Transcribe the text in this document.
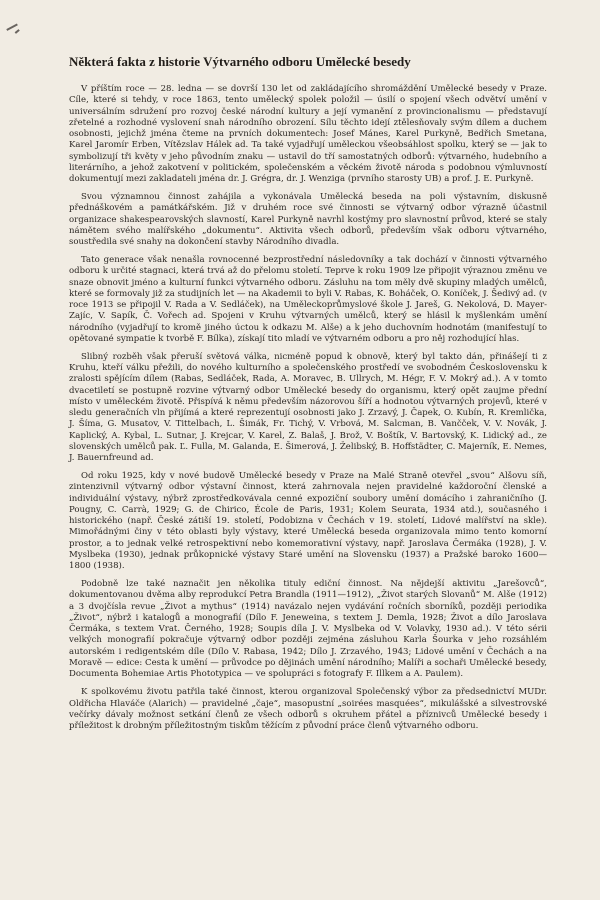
Některá fakta z historie Výtvarného odboru Umělecké besedy

V příštím roce — 28. ledna — se dovrší 130 let od zakládajícího shromáždění Umělecké besedy v Praze. Cíle, které si tehdy, v roce 1863, tento umělecký spolek položil — úsilí o spojení všech odvětví umění v universálním sdružení pro rozvoj české národní kultury a její vymanění z provincionalismu — představují zřetelné a rozhodné vyslovení snah národního obrození. Sílu těchto idejí ztělesňovaly svým dílem a duchem osobnosti, jejichž jména čteme na prvních dokumentech: Josef Mánes, Karel Purkyně, Bedřich Smetana, Karel Jaromír Erben, Vítězslav Hálek ad. Ta také vyjadřují uměleckou všeobsáhlost spolku, který se — jak to symbolizují tři květy v jeho původním znaku — ustavil do tří samostatných odborů: výtvarného, hudebního a literárního, a jehož zakotvení v politickém, společenském a věckém životě národa s podobnou výmluvností dokumentují mezi zakladateli jména dr. J. Grégra, dr. J. Wenziga (prvního starosty UB) a prof. J. E. Purkyně.

Svou významnou činnost zahájila a vykonávala Umělecká beseda na poli výstavním, diskusně přednáškovém a památkářském. Již v druhém roce své činnosti se výtvarný odbor výrazně účastnil organizace shakespearovských slavností, Karel Purkyně navrhl kostýmy pro slavnostní průvod, které se staly námětem svého malířského „dokumentu“. Aktivita všech odborů, především však odboru výtvarného, soustředila své snahy na dokončení stavby Národního divadla.

Tato generace však nenašla rovnocenné bezprostřední následovníky a tak dochází v činnosti výtvarného odboru k určité stagnaci, která trvá až do přelomu století. Teprve k roku 1909 lze připojit výraznou změnu ve snaze obnovit jméno a kulturní funkci výtvarného odboru. Zásluhu na tom měly dvě skupiny mladých umělců, které se formovaly již za studijních let — na Akademii to byli V. Rabas, K. Boháček, O. Koníček, J. Šedivý ad. (v roce 1913 se připojil V. Rada a V. Sedláček), na Uměleckoprůmyslové škole J. Jareš, G. Nekolová, D. Mayer-Zajíc, V. Sapík, Č. Vořech ad. Spojeni v Kruhu výtvarných umělců, který se hlásil k myšlenkám umění národního (vyjadřují to kromě jiného úctou k odkazu M. Alše) a k jeho duchovním hodnotám (manifestují to opětované sympatie k tvorbě F. Bílka), získají tito mladí ve výtvarném odboru a pro něj rozhodující hlas.

Slibný rozběh však přeruší světová válka, nicméně popud k obnově, který byl takto dán, přinášejí ti z Kruhu, kteří válku přežili, do nového kulturního a společenského prostředí ve svobodném Československu k zralosti spějícím dílem (Rabas, Sedláček, Rada, A. Moravec, B. Ullrych, M. Hégr, F. V. Mokrý ad.). A v tomto dvacetiletí se postupně rozvine výtvarný odbor Umělecké besedy do organismu, který opět zaujme přední místo v uměleckém životě. Přispívá k němu především názorovou šíří a hodnotou výtvarných projevů, které v sledu generačních vln přijímá a které reprezentují osobnosti jako J. Zrzavý, J. Čapek, O. Kubín, R. Kremlička, J. Šíma, G. Musatov, V. Tittelbach, L. Šimák, Fr. Tichý, V. Vrbová, M. Salcman, B. Vančček, V. V. Novák, J. Kaplický, A. Kybal, L. Sutnar, J. Krejcar, V. Karel, Z. Balaš, J. Brož, V. Boštík, V. Bartovský, K. Lidický ad., ze slovenských umělců pak. Ľ. Fulla, M. Galanda, E. Šimerová, J. Želibský, B. Hoffstädter, C. Majerník, E. Nemes, J. Bauernfreund ad.

Od roku 1925, kdy v nové budově Umělecké besedy v Praze na Malé Straně otevřel „svou“ Alšovu síň, zintenzivnil výtvarný odbor výstavní činnost, která zahrnovala nejen pravidelné každoroční členské a individuální výstavy, nýbrž zprostředkovávala cenné expoziční soubory umění domácího i zahraničního (J. Pougny, C. Carrà, 1929; G. de Chirico, École de Paris, 1931; Kolem Seurata, 1934 atd.), současného i historického (např. České zátiší 19. století, Podobizna v Čechách v 19. století, Lidové malířství na skle). Mimořádnými činy v této oblasti byly výstavy, které Umělecká beseda organizovala mimo tento komorní prostor, a to jednak velké retrospektivní nebo komemorativní výstavy, např. Jaroslava Čermáka (1928), J. V. Myslbeka (1930), jednak průkopnické výstavy Staré umění na Slovensku (1937) a Pražské baroko 1600—1800 (1938).

Podobně lze také naznačit jen několika tituly ediční činnost. Na nějdejší aktivitu „Jarešovců“, dokumentovanou dvěma alby reprodukcí Petra Brandla (1911—1912), „Život starých Slovanů“ M. Alše (1912) a 3 dvojčísla revue „Život a mythus“ (1914) navázalo nejen vydávání ročních sborníků, později periodika „Život“, nýbrž i katalogů a monografií (Dílo F. Jeneweina, s textem J. Demla, 1928; Život a dílo Jaroslava Čermáka, s textem Vrat. Černého, 1928; Soupis díla J. V. Myslbeka od V. Volavky, 1930 ad.). V této sérii velkých monografií pokračuje výtvarný odbor později zejména zásluhou Karla Šourka v jeho rozsáhlém autorském i redigentském díle (Dílo V. Rabasa, 1942; Dílo J. Zrzavého, 1943; Lidové umění v Čechách a na Moravě — edice: Cesta k umění — průvodce po dějinách umění národního; Malíři a sochaři Umělecké besedy, Documenta Bohemiae Artis Phototypica — ve spolupráci s fotografy F. Illkem a A. Paulem).

K spolkovému životu patřila také činnost, kterou organizoval Společenský výbor za předsednictví MUDr. Oldřicha Hlaváče (Alarich) — pravidelné „čaje“, masopustní „soirées masquées“, mikulášské a silvestrovské večírky dávaly možnost setkání členů ze všech odborů s okruhem přátel a příznivců Umělecké besedy i příležitost k drobným příležitostným tiskům těžícím z původní práce členů výtvarného odboru.
